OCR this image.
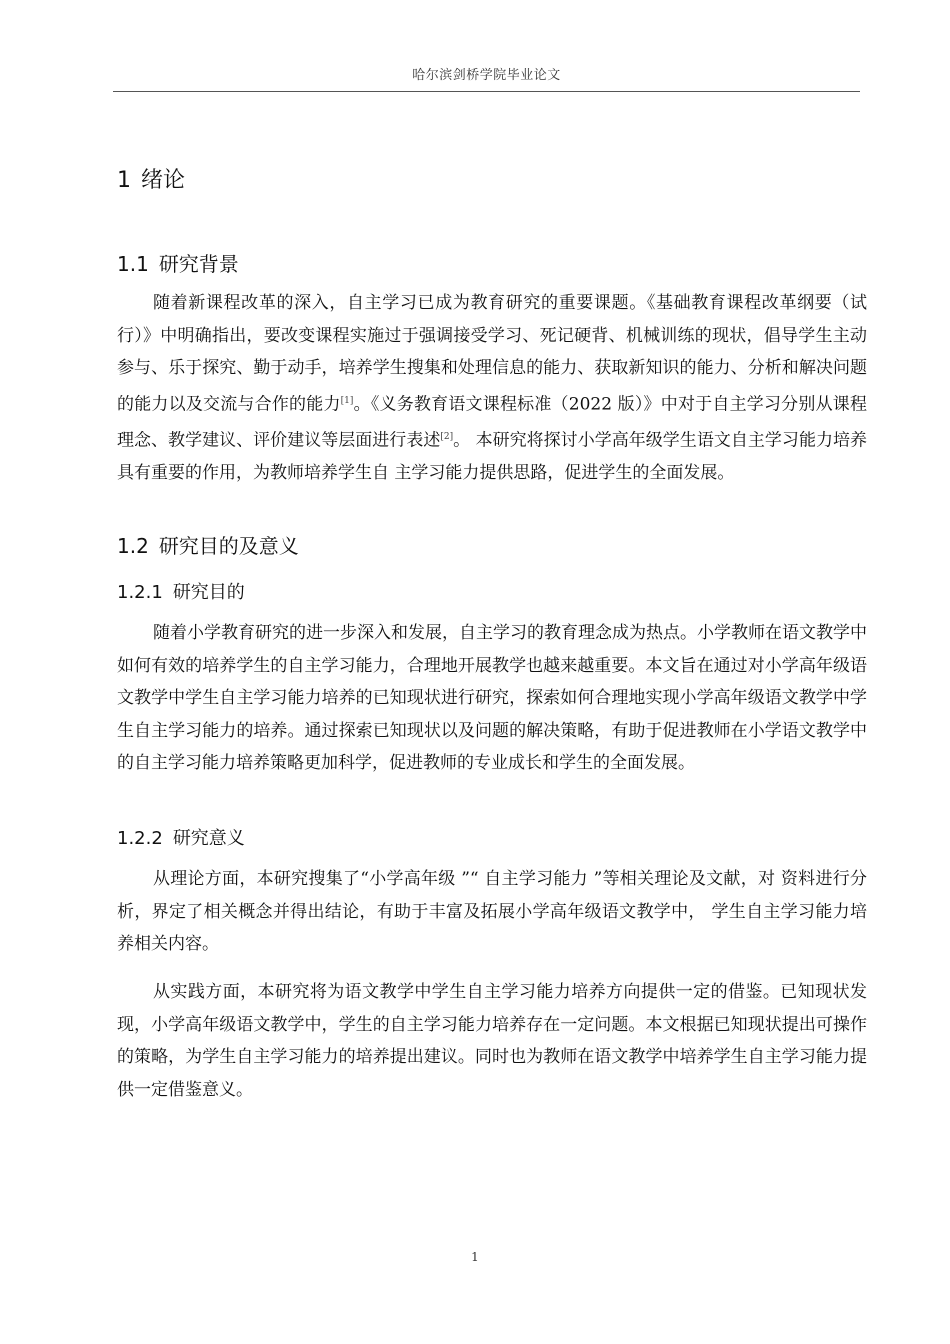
哈尔滨剑桥学院毕业论文
1 绪论
1.1 研究背景

随着新课程改革的深入，自主学习已成为教育研究的重要课题。《基础教育课程改革纲要（试行）》中明确指出，要改变课程实施过于强调接受学习、死记硬背、机械训练的现状，倡导学生主动参与、乐于探究、勤于动手，培养学生搜集和处理信息的能力、获取新知识的能力、分析和解决问题的能力以及交流与合作的能力[1]。《义务教育语文课程标准（2022 版）》中对于自主学习分别从课程理念、教学建议、评价建议等层面进行表述[2]。 本研究将探讨小学高年级学生语文自主学习能力培养具有重要的作用，为教师培养学生自 主学习能力提供思路，促进学生的全面发展。

1.2 研究目的及意义
1.2.1 研究目的

随着小学教育研究的进一步深入和发展，自主学习的教育理念成为热点。小学教师在语文教学中如何有效的培养学生的自主学习能力，合理地开展教学也越来越重要。本文旨在通过对小学高年级语文教学中学生自主学习能力培养的已知现状进行研究，探索如何合理地实现小学高年级语文教学中学生自主学习能力的培养。通过探索已知现状以及问题的解决策略，有助于促进教师在小学语文教学中的自主学习能力培养策略更加科学，促进教师的专业成长和学生的全面发展。

1.2.2 研究意义

从理论方面，本研究搜集了“小学高年级 ”“ 自主学习能力 ”等相关理论及文献，对 资料进行分析，界定了相关概念并得出结论，有助于丰富及拓展小学高年级语文教学中， 学生自主学习能力培养相关内容。

从实践方面，本研究将为语文教学中学生自主学习能力培养方向提供一定的借鉴。已知现状发现，小学高年级语文教学中，学生的自主学习能力培养存在一定问题。本文根据已知现状提出可操作的策略，为学生自主学习能力的培养提出建议。同时也为教师在语文教学中培养学生自主学习能力提供一定借鉴意义。

1
